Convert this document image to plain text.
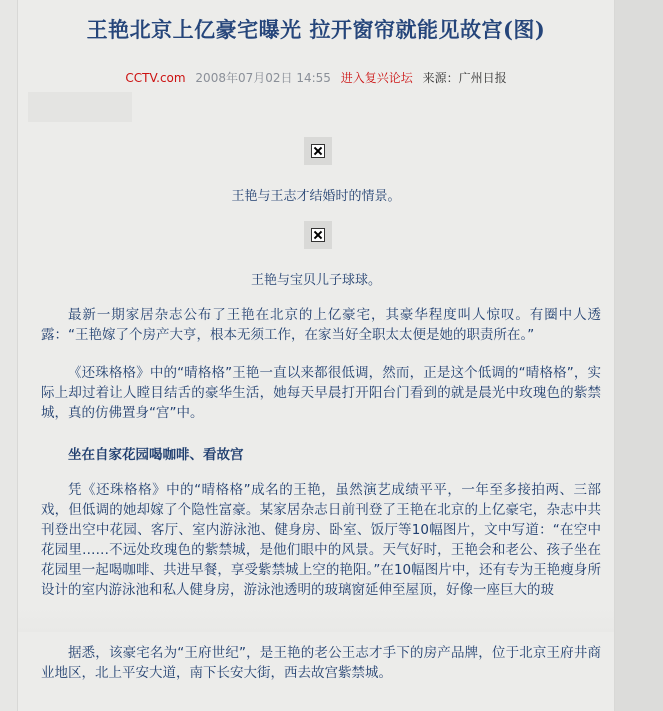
王艳北京上亿豪宅曝光 拉开窗帘就能见故宫(图)
CCTV.com 2008年07月02日 14:55 进入复兴论坛 来源：广州日报
王艳与王志才结婚时的情景。
王艳与宝贝儿子球球。
最新一期家居杂志公布了王艳在北京的上亿豪宅，其豪华程度叫人惊叹。有圈中人透露：“王艳嫁了个房产大亨，根本无须工作，在家当好全职太太便是她的职责所在。”
《还珠格格》中的“晴格格”王艳一直以来都很低调，然而，正是这个低调的“晴格格”，实际上却过着让人瞠目结舌的豪华生活，她每天早晨打开阳台门看到的就是晨光中玫瑰色的紫禁城，真的仿佛置身“宫”中。
坐在自家花园喝咖啡、看故宫
凭《还珠格格》中的“晴格格”成名的王艳，虽然演艺成绩平平，一年至多接拍两、三部戏，但低调的她却嫁了个隐性富豪。某家居杂志日前刊登了王艳在北京的上亿豪宅，杂志中共刊登出空中花园、客厅、室内游泳池、健身房、卧室、饭厅等10幅图片，文中写道：“在空中花园里……不远处玫瑰色的紫禁城，是他们眼中的风景。天气好时，王艳会和老公、孩子坐在花园里一起喝咖啡、共进早餐，享受紫禁城上空的艳阳。”在10幅图片中，还有专为王艳瘦身所设计的室内游泳池和私人健身房，游泳池透明的玻璃窗延伸至屋顶，好像一座巨大的玻
据悉，该豪宅名为“王府世纪”，是王艳的老公王志才手下的房产品牌，位于北京王府井商业地区，北上平安大道，南下长安大街，西去故宫紫禁城。
